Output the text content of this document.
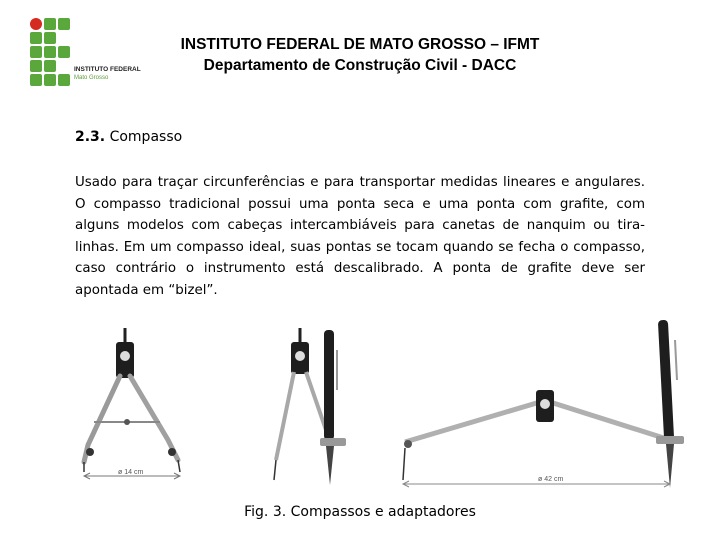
INSTITUTO FEDERAL
Mato Grosso
INSTITUTO FEDERAL DE MATO GROSSO – IFMT
Departamento de Construção Civil - DACC
2.3. Compasso
Usado para traçar circunferências e para transportar medidas lineares e angulares. O compasso tradicional possui uma ponta seca e uma ponta com grafite, com alguns modelos com cabeças intercambiáveis para canetas de nanquim ou tira-linhas. Em um compasso ideal, suas pontas se tocam quando se fecha o compasso, caso contrário o instrumento está descalibrado. A ponta de grafite deve ser apontada em “bizel”.
ø 14 cm
ø 42 cm
Fig. 3. Compassos e adaptadores
